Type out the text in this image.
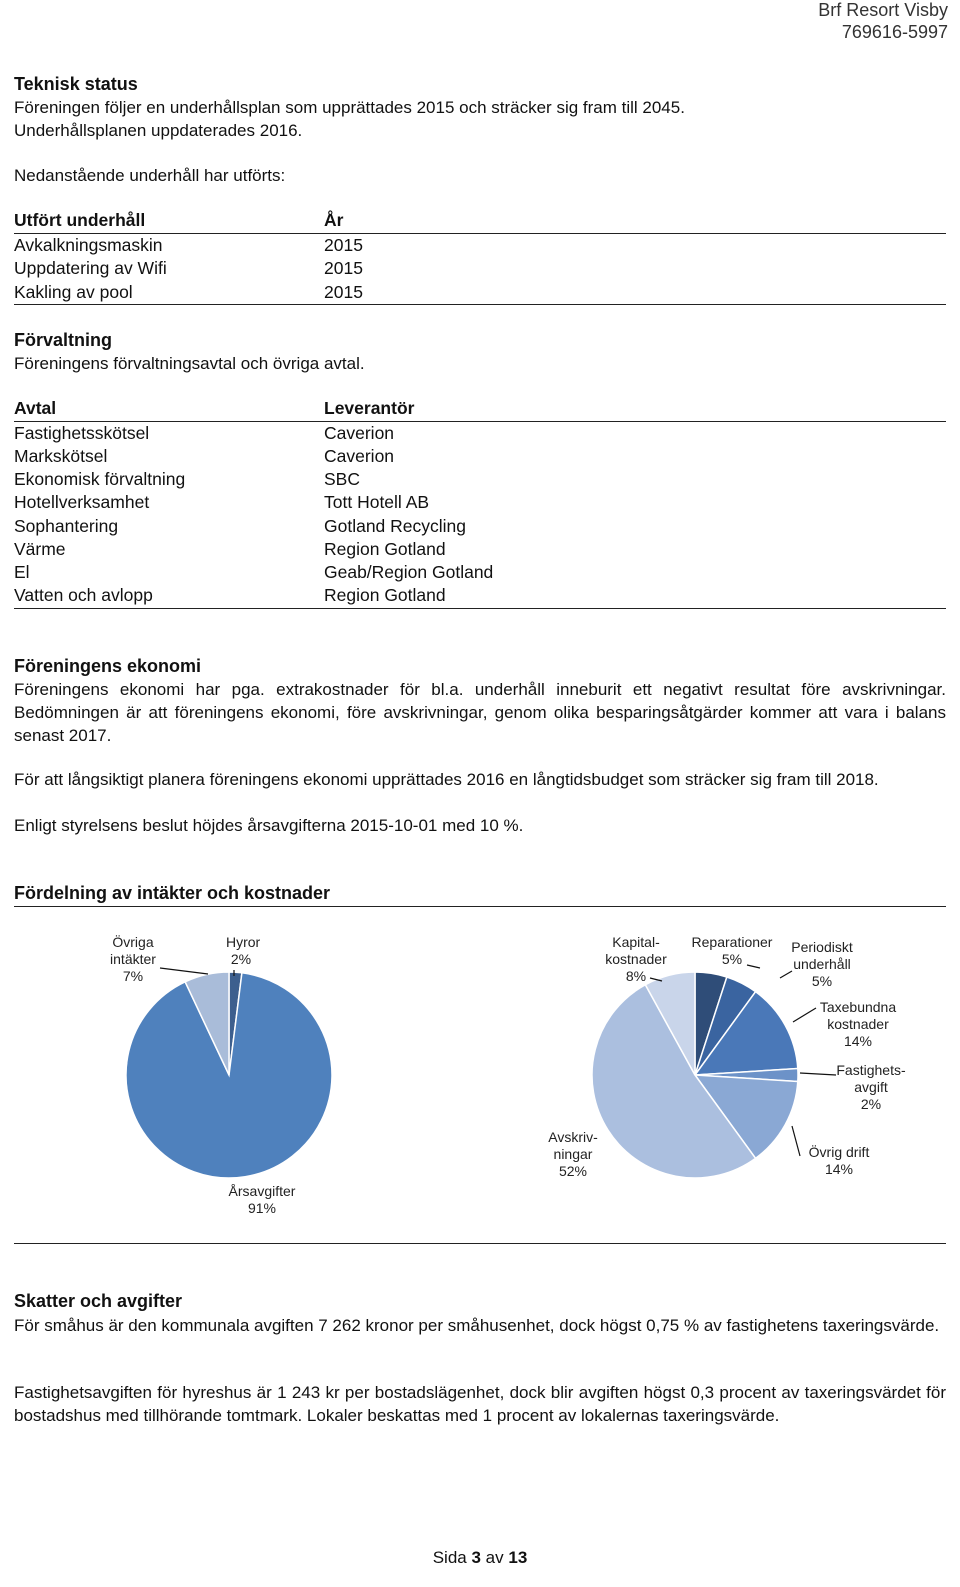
Brf Resort Visby
769616-5997
Teknisk status
Föreningen följer en underhållsplan som upprättades 2015 och sträcker sig fram till 2045.
Underhållsplanen uppdaterades 2016.
Nedanstående underhåll har utförts:
Utfört underhåll	År
Avkalkningsmaskin	2015
Uppdatering av Wifi	2015
Kakling av pool	2015
Förvaltning
Föreningens förvaltningsavtal och övriga avtal.
Avtal	Leverantör
Fastighetsskötsel	Caverion
Markskötsel	Caverion
Ekonomisk förvaltning	SBC
Hotellverksamhet	Tott Hotell AB
Sophantering	Gotland Recycling
Värme	Region Gotland
El	Geab/Region Gotland
Vatten och avlopp	Region Gotland
Föreningens ekonomi
Föreningens ekonomi har pga. extrakostnader för bl.a. underhåll inneburit ett negativt resultat före avskrivningar. Bedömningen är att föreningens ekonomi, före avskrivningar, genom olika besparingsåtgärder kommer att vara i balans senast 2017.
För att långsiktigt planera föreningens ekonomi upprättades 2016 en långtidsbudget som sträcker sig fram till 2018.
Enligt styrelsens beslut höjdes årsavgifterna 2015-10-01 med 10 %.
Fördelning av intäkter och kostnader
Hyror
2%
Övriga
intäkter
7%
Årsavgifter
91%
Kapital-
kostnader
8%
Reparationer
5%
Periodiskt
underhåll
5%
Taxebundna
kostnader
14%
Fastighets-
avgift
2%
Övrig drift
14%
Avskriv-
ningar
52%
Skatter och avgifter
För småhus är den kommunala avgiften 7 262 kronor per småhusenhet, dock högst 0,75 % av fastighetens taxeringsvärde.
Fastighetsavgiften för hyreshus är 1 243 kr per bostadslägenhet, dock blir avgiften högst 0,3 procent av taxeringsvärdet för bostadshus med tillhörande tomtmark. Lokaler beskattas med 1 procent av lokalernas taxeringsvärde.
Sida 3 av 13
